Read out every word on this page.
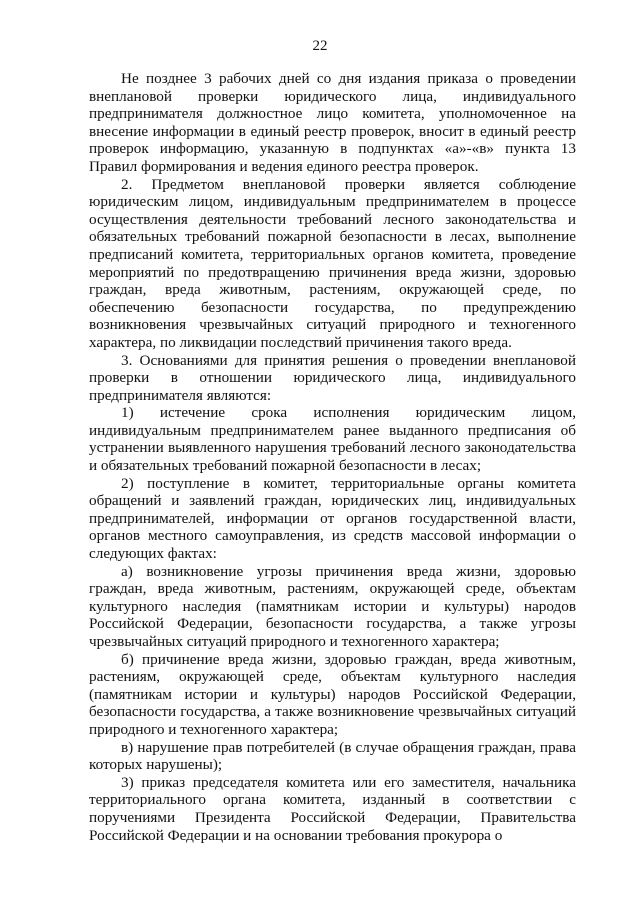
22

Не позднее 3 рабочих дней со дня издания приказа о проведении внеплановой проверки юридического лица, индивидуального предпринимателя должностное лицо комитета, уполномоченное на внесение информации в единый реестр проверок, вносит в единый реестр проверок информацию, указанную в подпунктах «а»-«в» пункта 13 Правил формирования и ведения единого реестра проверок.

2. Предметом внеплановой проверки является соблюдение юридическим лицом, индивидуальным предпринимателем в процессе осуществления деятельности требований лесного законодательства и обязательных требований пожарной безопасности в лесах, выполнение предписаний комитета, территориальных органов комитета, проведение мероприятий по предотвращению причинения вреда жизни, здоровью граждан, вреда животным, растениям, окружающей среде, по обеспечению безопасности государства, по предупреждению возникновения чрезвычайных ситуаций природного и техногенного характера, по ликвидации последствий причинения такого вреда.

3. Основаниями для принятия решения о проведении внеплановой проверки в отношении юридического лица, индивидуального предпринимателя являются:

1) истечение срока исполнения юридическим лицом, индивидуальным предпринимателем ранее выданного предписания об устранении выявленного нарушения требований лесного законодательства и обязательных требований пожарной безопасности в лесах;

2) поступление в комитет, территориальные органы комитета обращений и заявлений граждан, юридических лиц, индивидуальных предпринимателей, информации от органов государственной власти, органов местного самоуправления, из средств массовой информации о следующих фактах:

а) возникновение угрозы причинения вреда жизни, здоровью граждан, вреда животным, растениям, окружающей среде, объектам культурного наследия (памятникам истории и культуры) народов Российской Федерации, безопасности государства, а также угрозы чрезвычайных ситуаций природного и техногенного характера;

б) причинение вреда жизни, здоровью граждан, вреда животным, растениям, окружающей среде, объектам культурного наследия (памятникам истории и культуры) народов Российской Федерации, безопасности государства, а также возникновение чрезвычайных ситуаций природного и техногенного характера;

в) нарушение прав потребителей (в случае обращения граждан, права которых нарушены);

3) приказ председателя комитета или его заместителя, начальника территориального органа комитета, изданный в соответствии с поручениями Президента Российской Федерации, Правительства Российской Федерации и на основании требования прокурора о
